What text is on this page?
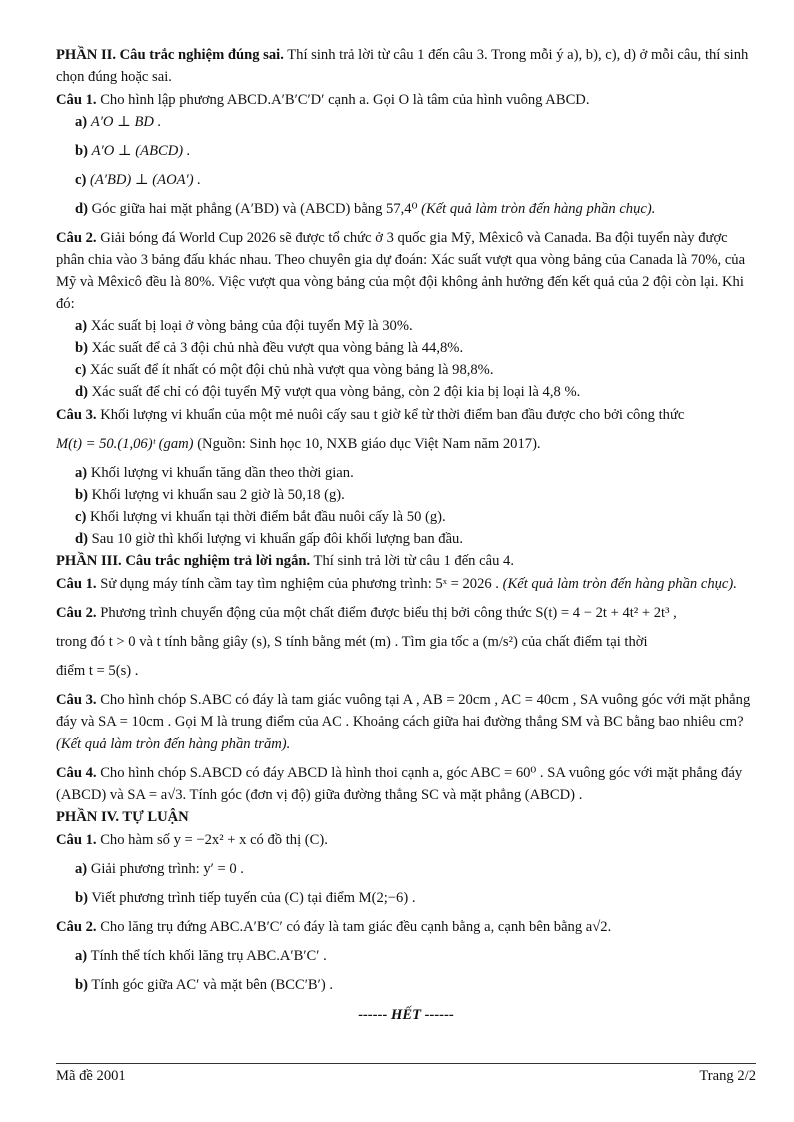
PHẦN II. Câu trắc nghiệm đúng sai. Thí sinh trả lời từ câu 1 đến câu 3. Trong mỗi ý a), b), c), d) ở mỗi câu, thí sinh chọn đúng hoặc sai.

Câu 1. Cho hình lập phương ABCD.A′B′C′D′ cạnh a. Gọi O là tâm của hình vuông ABCD.

a) A′O ⊥ BD .

b) A′O ⊥ (ABCD) .

c) (A′BD) ⊥ (AOA′) .

d) Góc giữa hai mặt phẳng (A′BD) và (ABCD) bằng 57,4⁰ (Kết quả làm tròn đến hàng phần chục).

Câu 2. Giải bóng đá World Cup 2026 sẽ được tổ chức ở 3 quốc gia Mỹ, Mêxicô và Canada. Ba đội tuyển này được phân chia vào 3 bảng đấu khác nhau. Theo chuyên gia dự đoán: Xác suất vượt qua vòng bảng của Canada là 70%, của Mỹ và Mêxicô đều là 80%. Việc vượt qua vòng bảng của một đội không ảnh hưởng đến kết quả của 2 đội còn lại. Khi đó:

a) Xác suất bị loại ở vòng bảng của đội tuyển Mỹ là 30%.

b) Xác suất để cả 3 đội chủ nhà đều vượt qua vòng bảng là 44,8%.

c) Xác suất để ít nhất có một đội chủ nhà vượt qua vòng bảng là 98,8%.

d) Xác suất để chỉ có đội tuyển Mỹ vượt qua vòng bảng, còn 2 đội kia bị loại là 4,8 %.

Câu 3. Khối lượng vi khuẩn của một mẻ nuôi cấy sau t giờ kể từ thời điểm ban đầu được cho bởi công thức

M(t) = 50.(1,06)ᵗ (gam) (Nguồn: Sinh học 10, NXB giáo dục Việt Nam năm 2017).

a) Khối lượng vi khuẩn tăng dần theo thời gian.

b) Khối lượng vi khuẩn sau 2 giờ là 50,18 (g).

c) Khối lượng vi khuẩn tại thời điểm bắt đầu nuôi cấy là 50 (g).

d) Sau 10 giờ thì khối lượng vi khuẩn gấp đôi khối lượng ban đầu.

PHẦN III. Câu trắc nghiệm trả lời ngắn. Thí sinh trả lời từ câu 1 đến câu 4.

Câu 1. Sử dụng máy tính cầm tay tìm nghiệm của phương trình: 5ˣ = 2026 . (Kết quả làm tròn đến hàng phần chục).

Câu 2. Phương trình chuyển động của một chất điểm được biểu thị bởi công thức S(t) = 4 − 2t + 4t² + 2t³ ,

trong đó t > 0 và t tính bằng giây (s), S tính bằng mét (m) . Tìm gia tốc a (m/s²) của chất điểm tại thời

điểm t = 5(s) .

Câu 3. Cho hình chóp S.ABC có đáy là tam giác vuông tại A , AB = 20cm , AC = 40cm , SA vuông góc với mặt phẳng đáy và SA = 10cm . Gọi M là trung điểm của AC . Khoảng cách giữa hai đường thẳng SM và BC bằng bao nhiêu cm? (Kết quả làm tròn đến hàng phần trăm).

Câu 4. Cho hình chóp S.ABCD có đáy ABCD là hình thoi cạnh a, góc ABC = 60⁰ . SA vuông góc với mặt phẳng đáy (ABCD) và SA = a√3. Tính góc (đơn vị độ) giữa đường thẳng SC và mặt phẳng (ABCD) .

PHẦN IV. TỰ LUẬN

Câu 1. Cho hàm số y = −2x² + x có đồ thị (C).

a) Giải phương trình: y′ = 0 .

b) Viết phương trình tiếp tuyến của (C) tại điểm M(2;−6) .

Câu 2. Cho lăng trụ đứng ABC.A′B′C′ có đáy là tam giác đều cạnh bằng a, cạnh bên bằng a√2.

a) Tính thể tích khối lăng trụ ABC.A′B′C′ .

b) Tính góc giữa AC′ và mặt bên (BCC′B′) .

------ HẾT ------

Mã đề 2001	Trang 2/2
